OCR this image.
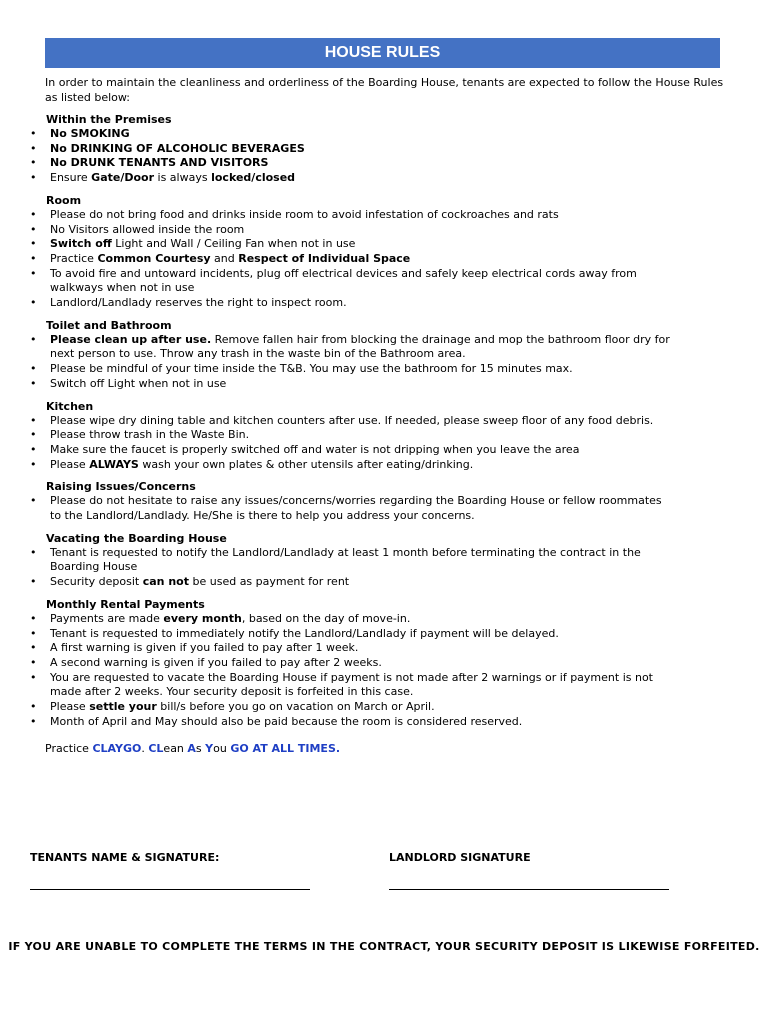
HOUSE RULES

In order to maintain the cleanliness and orderliness of the Boarding House, tenants are expected to follow the House Rules as listed below:

Within the Premises
• No SMOKING
• No DRINKING OF ALCOHOLIC BEVERAGES
• No DRUNK TENANTS AND VISITORS
• Ensure Gate/Door is always locked/closed
Room
• Please do not bring food and drinks inside room to avoid infestation of cockroaches and rats
• No Visitors allowed inside the room
• Switch off Light and Wall / Ceiling Fan when not in use
• Practice Common Courtesy and Respect of Individual Space
• To avoid fire and untoward incidents, plug off electrical devices and safely keep electrical cords away from walkways when not in use
• Landlord/Landlady reserves the right to inspect room.
Toilet and Bathroom
• Please clean up after use. Remove fallen hair from blocking the drainage and mop the bathroom floor dry for next person to use. Throw any trash in the waste bin of the Bathroom area.
• Please be mindful of your time inside the T&B. You may use the bathroom for 15 minutes max.
• Switch off Light when not in use
Kitchen
• Please wipe dry dining table and kitchen counters after use. If needed, please sweep floor of any food debris.
• Please throw trash in the Waste Bin.
• Make sure the faucet is properly switched off and water is not dripping when you leave the area
• Please ALWAYS wash your own plates & other utensils after eating/drinking.
Raising Issues/Concerns
• Please do not hesitate to raise any issues/concerns/worries regarding the Boarding House or fellow roommates to the Landlord/Landlady. He/She is there to help you address your concerns.
Vacating the Boarding House
• Tenant is requested to notify the Landlord/Landlady at least 1 month before terminating the contract in the Boarding House
• Security deposit can not be used as payment for rent
Monthly Rental Payments
• Payments are made every month, based on the day of move-in.
• Tenant is requested to immediately notify the Landlord/Landlady if payment will be delayed.
• A first warning is given if you failed to pay after 1 week.
• A second warning is given if you failed to pay after 2 weeks.
• You are requested to vacate the Boarding House if payment is not made after 2 warnings or if payment is not made after 2 weeks. Your security deposit is forfeited in this case.
• Please settle your bill/s before you go on vacation on March or April.
• Month of April and May should also be paid because the room is considered reserved.

Practice CLAYGO. CLean As You GO AT ALL TIMES.

TENANTS NAME & SIGNATURE:	LANDLORD SIGNATURE
IF YOU ARE UNABLE TO COMPLETE THE TERMS IN THE CONTRACT, YOUR SECURITY DEPOSIT IS LIKEWISE FORFEITED.
